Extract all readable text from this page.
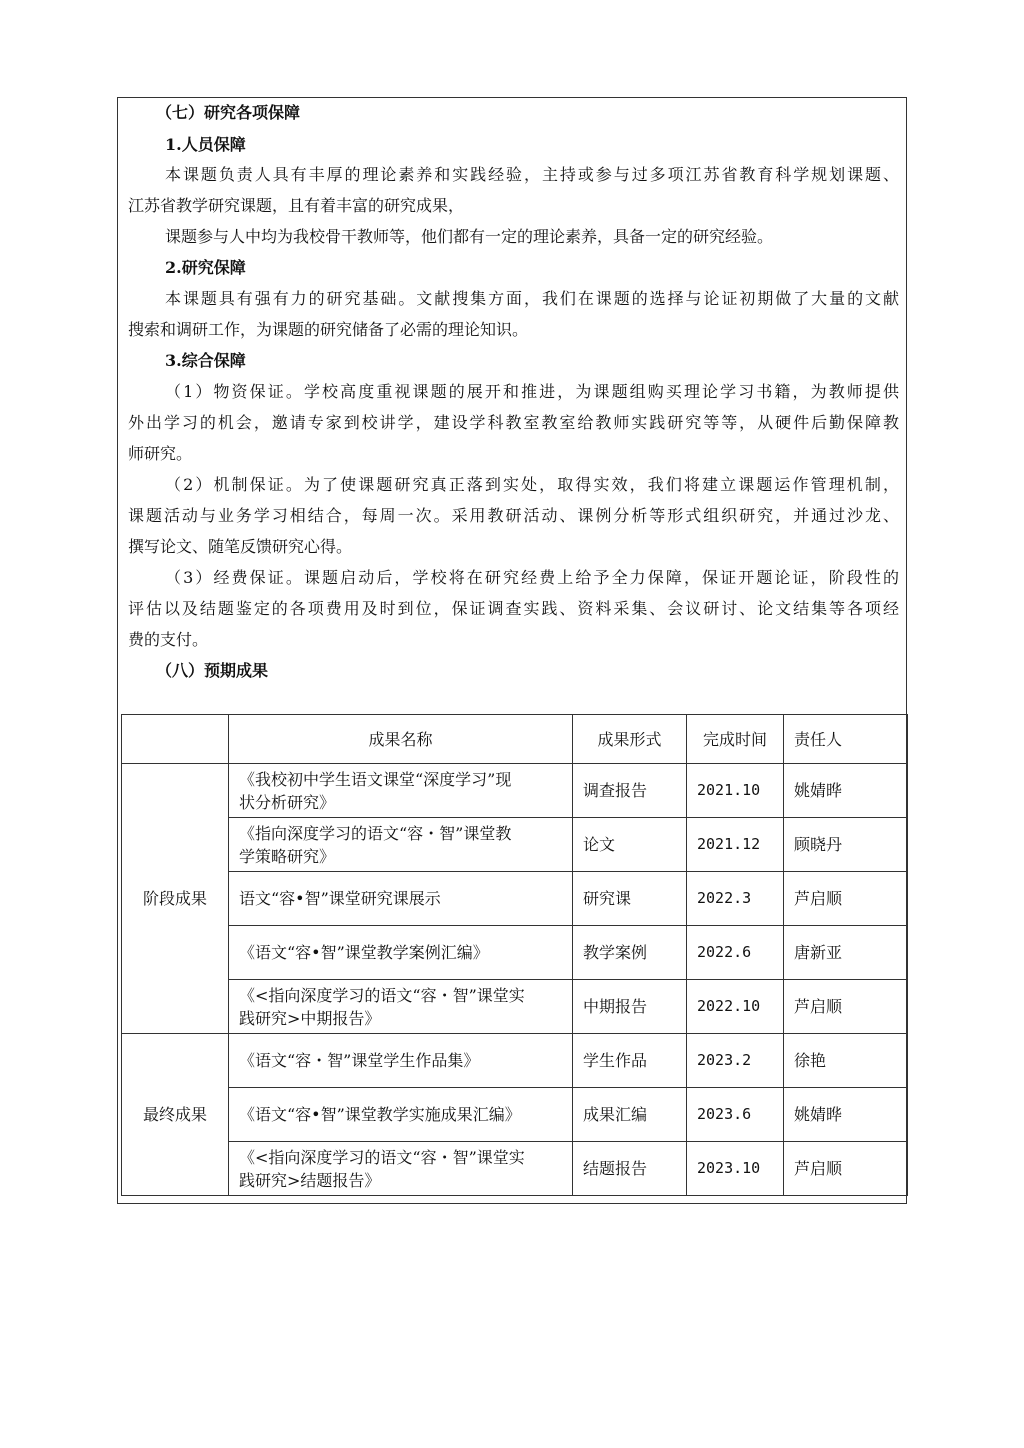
（七）研究各项保障
1.人员保障
本课题负责人具有丰厚的理论素养和实践经验，主持或参与过多项江苏省教育科学规划课题、
江苏省教学研究课题，且有着丰富的研究成果，
课题参与人中均为我校骨干教师等，他们都有一定的理论素养，具备一定的研究经验。
2.研究保障
本课题具有强有力的研究基础。文献搜集方面，我们在课题的选择与论证初期做了大量的文献
搜索和调研工作，为课题的研究储备了必需的理论知识。
3.综合保障
（1）物资保证。学校高度重视课题的展开和推进，为课题组购买理论学习书籍，为教师提供
外出学习的机会，邀请专家到校讲学，建设学科教室教室给教师实践研究等等，从硬件后勤保障教
师研究。
（2）机制保证。为了使课题研究真正落到实处，取得实效，我们将建立课题运作管理机制，
课题活动与业务学习相结合，每周一次。采用教研活动、课例分析等形式组织研究，并通过沙龙、
撰写论文、随笔反馈研究心得。
（3）经费保证。课题启动后，学校将在研究经费上给予全力保障，保证开题论证，阶段性的
评估以及结题鉴定的各项费用及时到位，保证调查实践、资料采集、会议研讨、论文结集等各项经
费的支付。
（八）预期成果
	成果名称	成果形式	完成时间	责任人
阶段成果	《我校初中学生语文课堂“深度学习”现
状分析研究》	调查报告	2021.10	姚婧晔
	《指向深度学习的语文“容・智”课堂教
学策略研究》	论文	2021.12	顾晓丹
	语文“容•智”课堂研究课展示	研究课	2022.3	芦启顺
	《语文“容•智”课堂教学案例汇编》	教学案例	2022.6	唐新亚
	《<指向深度学习的语文“容・智”课堂实
践研究>中期报告》	中期报告	2022.10	芦启顺
最终成果	《语文“容・智”课堂学生作品集》	学生作品	2023.2	徐艳
	《语文“容•智”课堂教学实施成果汇编》	成果汇编	2023.6	姚婧晔
	《<指向深度学习的语文“容・智”课堂实
践研究>结题报告》	结题报告	2023.10	芦启顺
